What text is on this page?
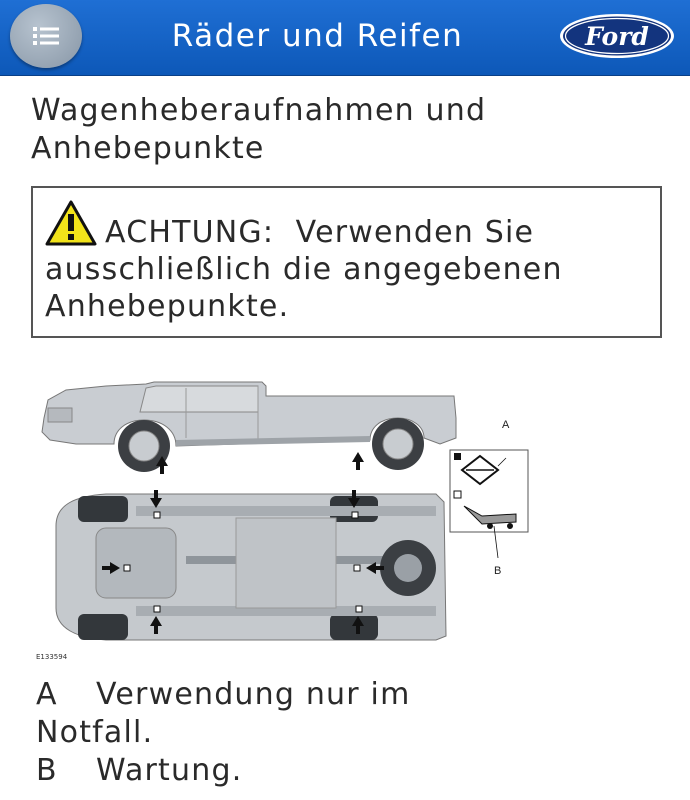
Räder und Reifen	Ford
Wagenheberaufnahmen und
Anhebepunkte
ACHTUNG: Verwenden Sie
ausschließlich die angegebenen
Anhebepunkte.
A
B
E133594
A Verwendung nur im
Notfall.
B Wartung.
